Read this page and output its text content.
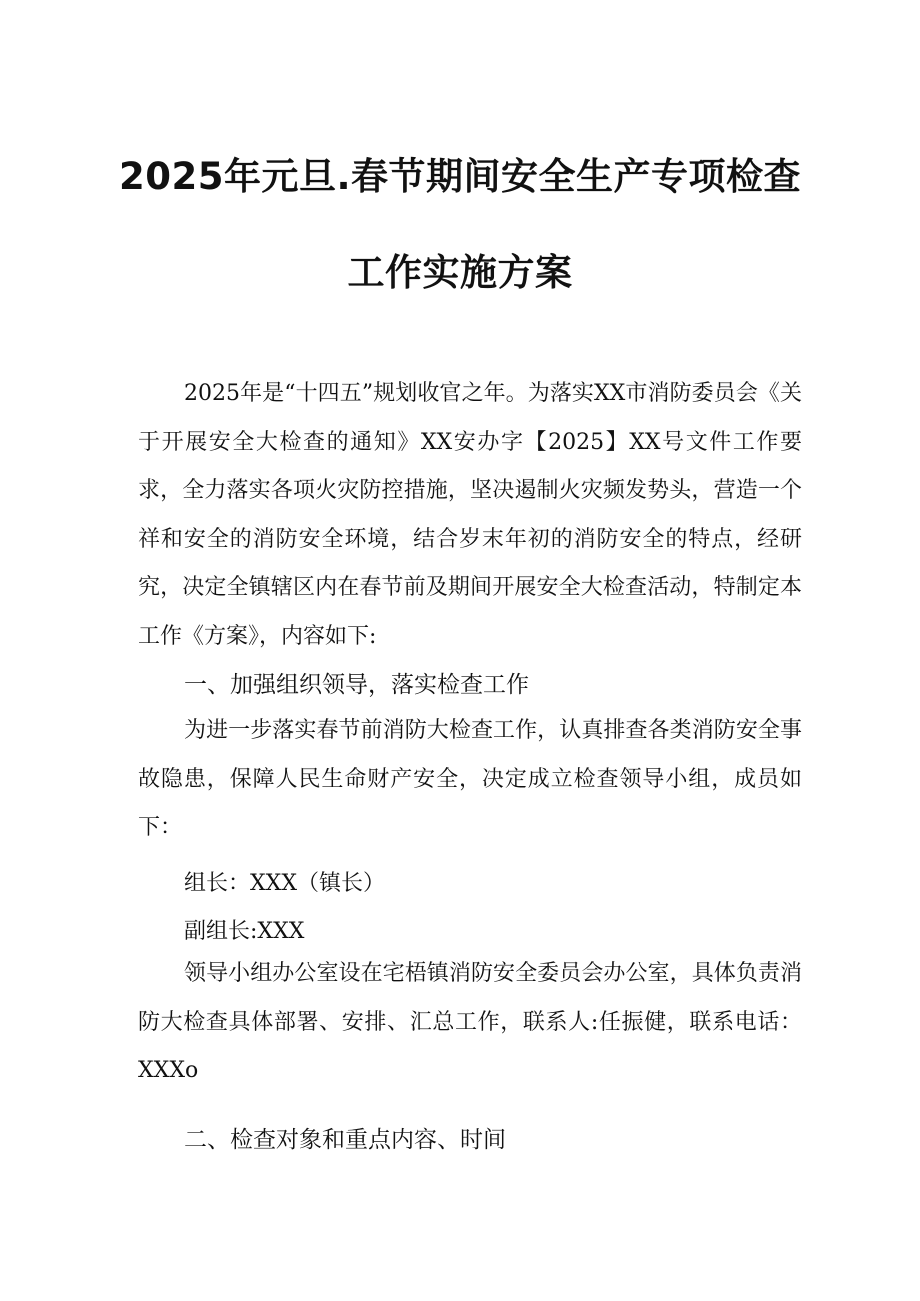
2025年元旦.春节期间安全生产专项检查
工作实施方案

2025年是“十四五”规划收官之年。为落实XX市消防委员会《关于开展安全大检查的通知》XX安办字【2025】XX号文件工作要求，全力落实各项火灾防控措施，坚决遏制火灾频发势头，营造一个祥和安全的消防安全环境，结合岁末年初的消防安全的特点，经研究，决定全镇辖区内在春节前及期间开展安全大检查活动，特制定本工作《方案》，内容如下:

一、加强组织领导，落实检查工作

为进一步落实春节前消防大检查工作，认真排查各类消防安全事故隐患，保障人民生命财产安全，决定成立检查领导小组，成员如下：

组长：XXX（镇长）

副组长:XXX

领导小组办公室设在宅梧镇消防安全委员会办公室，具体负责消防大检查具体部署、安排、汇总工作，联系人:任振健，联系电话：XXXo

二、检查对象和重点内容、时间
